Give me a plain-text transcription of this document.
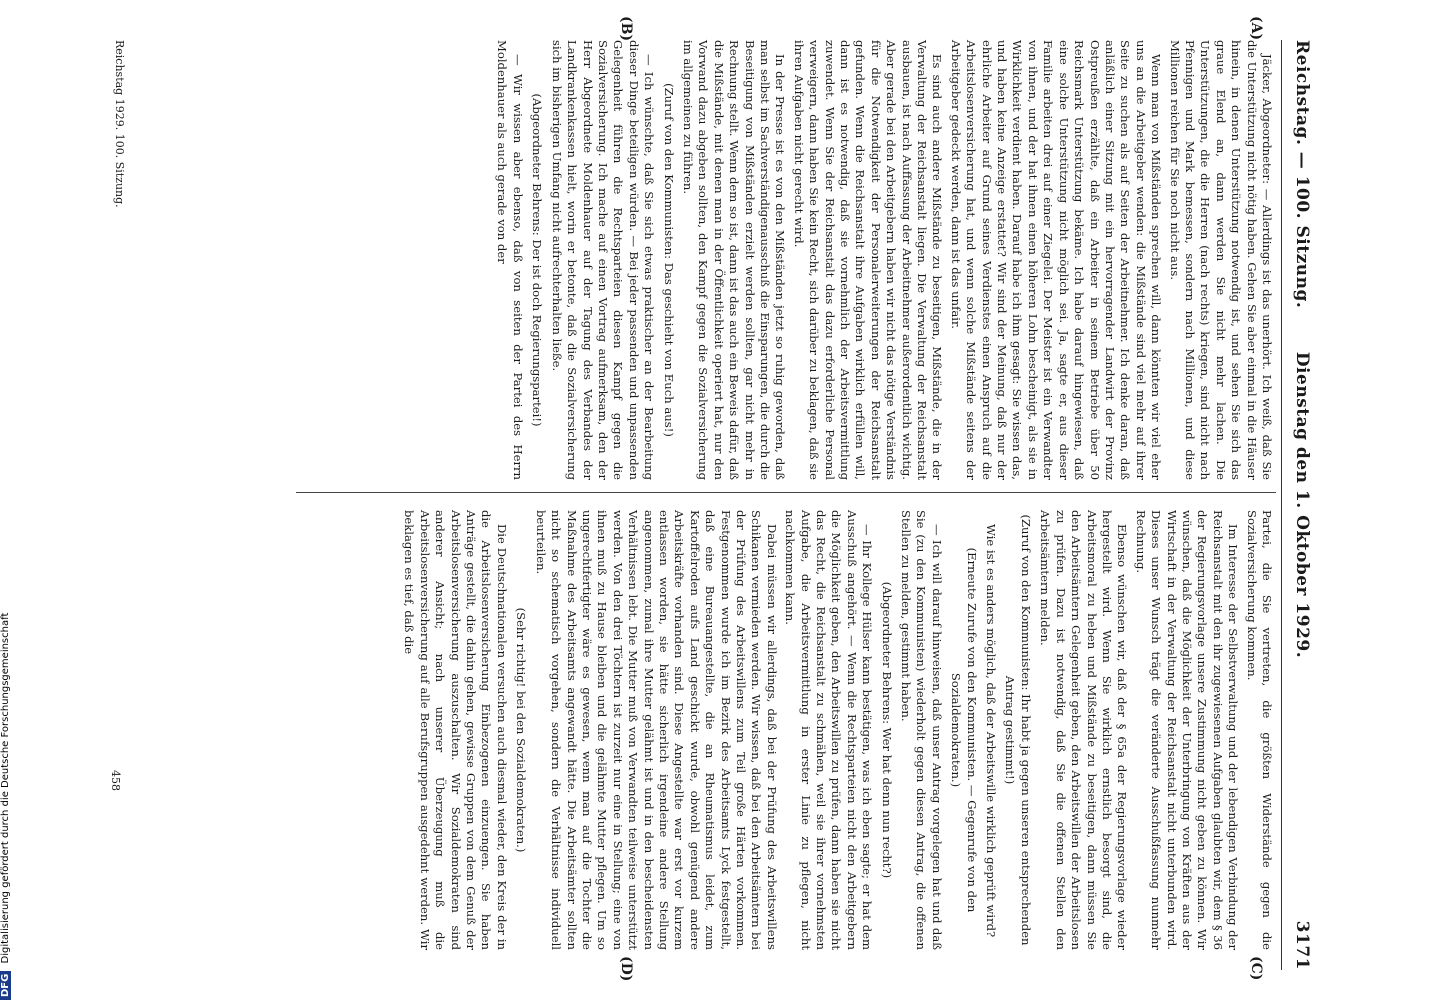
Reichstag. — 100. Sitzung.
Dienstag den 1. Oktober 1929.
3171
(A)
(B)
(C)
(D)

Jäcker, Abgeordneter: — Allerdings ist das unerhört. Ich weiß, daß Sie die Unterstützung nicht nötig haben. Gehen Sie aber einmal in die Häuser hinein, in denen Unterstützung notwendig ist, und sehen Sie sich das graue Elend an, dann werden Sie nicht mehr lachen. Die Unterstützungen, die die Herren (nach rechts) kriegen, sind nicht nach Pfennigen und Mark bemessen, sondern nach Millionen, und diese Millionen reichen für Sie noch nicht aus.

Wenn man von Mißständen sprechen will, dann könnten wir viel eher uns an die Arbeitgeber wenden: die Mißstände sind viel mehr auf ihrer Seite zu suchen als auf Seiten der Arbeitnehmer. Ich denke daran, daß anläßlich einer Sitzung mit ein hervorragender Landwirt der Provinz Ostpreußen erzählte, daß ein Arbeiter in seinem Betriebe über 50 Reichsmark Unterstützung bekäme. Ich habe darauf hingewiesen, daß eine solche Unterstützung nicht möglich sei. Ja, sagte er, aus dieser Familie arbeiten drei auf einer Ziegelei. Der Meister ist ein Verwandter von ihnen, und der hat ihnen einen höheren Lohn bescheinigt, als sie in Wirklichkeit verdient haben. Darauf habe ich ihm gesagt: Sie wissen das, und haben keine Anzeige erstattet? Wir sind der Meinung, daß nur der ehrliche Arbeiter auf Grund seines Verdienstes einen Anspruch auf die Arbeitslosenversicherung hat, und wenn solche Mißstände seitens der Arbeitgeber gedeckt werden, dann ist das unfair.

Es sind auch andere Mißstände zu beseitigen, Mißstände, die in der Verwaltung der Reichsanstalt liegen. Die Verwaltung der Reichsanstalt ausbauen, ist nach Auffassung der Arbeitnehmer außerordentlich wichtig. Aber gerade bei den Arbeitgebern haben wir nicht das nötige Verständnis für die Notwendigkeit der Personalerweiterungen der Reichsanstalt gefunden. Wenn die Reichsanstalt ihre Aufgaben wirklich erfüllen will, dann ist es notwendig, daß sie vornehmlich der Arbeitsvermittlung zuwendet. Wenn Sie der Reichsanstalt das dazu erforderliche Personal verweigern, dann haben Sie kein Recht, sich darüber zu beklagen, daß sie ihren Aufgaben nicht gerecht wird.

In der Presse ist es von den Mißständen jetzt so ruhig geworden, daß man selbst im Sachverständigenausschuß die Einsparungen, die durch die Beseitigung von Mißständen erzielt werden sollten, gar nicht mehr in Rechnung stellt. Wenn dem so ist, dann ist das auch ein Beweis dafür, daß die Mißstände, mit denen man in der Öffentlichkeit operiert hat, nur den Vorwand dazu abgeben sollten, den Kampf gegen die Sozialversicherung im allgemeinen zu führen.

(Zuruf von den Kommunisten: Das geschieht von Euch aus!)

— Ich wünschte, daß Sie sich etwas praktischer an der Bearbeitung dieser Dinge beteiligen würden. — Bei jeder passenden und unpassenden Gelegenheit führen die Rechtsparteien diesen Kampf gegen die Sozialversicherung. Ich mache auf einen Vortrag aufmerksam, den der Herr Abgeordnete Moldenhauer auf der Tagung des Verbandes der Landkrankenkassen hielt, worin er betonte, daß die Sozialversicherung sich im bisherigen Umfang nicht aufrechterhalten ließe.

(Abgeordneter Behrens: Der ist doch Regierungspartei!)

— Wir wissen aber ebenso, daß von seiten der Partei des Herrn Moldenhauer als auch gerade von der

Partei, die Sie vertreten, die größten Widerstände gegen die Sozialversicherung kommen.

Im Interesse der Selbstverwaltung und der lebendigen Verbindung der Reichsanstalt mit den ihr zugewiesenen Aufgaben glaubten wir, dem § 36 der Regierungsvorlage unsere Zustimmung nicht geben zu können. Wir wünschen, daß die Möglichkeit der Unterbringung von Kräften aus der Wirtschaft in der Verwaltung der Reichsanstalt nicht unterbunden wird. Dieses unser Wunsch trägt die veränderte Ausschußfassung nunmehr Rechnung.

Ebenso wünschen wir, daß der § 65a der Regierungsvorlage wieder hergestellt wird. Wenn Sie wirklich ernstlich besorgt sind, die Arbeitsmoral zu heben und Mißstände zu beseitigen, dann müssen Sie den Arbeitsämtern Gelegenheit geben, den Arbeitswillen der Arbeitslosen zu prüfen. Dazu ist notwendig, daß Sie die offenen Stellen den Arbeitsämtern melden.

(Zuruf von den Kommunisten: Ihr habt ja gegen unseren entsprechenden Antrag gestimmt!)

Wie ist es anders möglich, daß der Arbeitswille wirklich geprüft wird?

(Erneute Zurufe von den Kommunisten. — Gegenrufe von den Sozialdemokraten.)

— Ich will darauf hinweisen, daß unser Antrag vorgelegen hat und daß Sie (zu den Kommunisten) wiederholt gegen diesen Antrag, die offenen Stellen zu melden, gestimmt haben.

(Abgeordneter Behrens: Wer hat denn nun recht?)

— Ihr Kollege Hülser kann bestätigen, was ich eben sagte; er hat dem Ausschuß angehört. — Wenn die Rechtsparteien nicht den Arbeitgebern die Möglichkeit geben, den Arbeitswillen zu prüfen, dann haben sie nicht das Recht, die Reichsanstalt zu schmähen, weil sie ihrer vornehmsten Aufgabe, die Arbeitsvermittlung in erster Linie zu pflegen, nicht nachkommen kann.

Dabei müssen wir allerdings, daß bei der Prüfung des Arbeitswillens Schikanen vermieden werden. Wir wissen, daß bei den Arbeitsämtern bei der Prüfung des Arbeitswillens zum Teil große Härten vorkommen. Festgenommen wurde ich im Bezirk des Arbeitsamts Lyck festgestellt, daß eine Bureauangestellte, die an Rheumatismus leidet, zum Kartoffelroden aufs Land geschickt wurde, obwohl genügend andere Arbeitskräfte vorhanden sind. Diese Angestellte war erst vor kurzem entlassen worden, sie hätte sicherlich irgendeine andere Stellung angenommen, zumal ihre Mutter gelähmt ist und in den bescheidensten Verhältnissen lebt. Die Mutter muß von Verwandten teilweise unterstützt werden. Von den drei Töchtern ist zurzeit nur eine in Stellung; eine von ihnen muß zu Hause bleiben und die gelähmte Mutter pflegen. Um so ungerechtfertigter wäre es gewesen, wenn man auf die Tochter die Maßnahme des Arbeitsamts angewandt hätte. Die Arbeitsämter sollten nicht so schematisch vorgehen, sondern die Verhältnisse individuell beurteilen.

(Sehr richtig! bei den Sozialdemokraten.)

Die Deutschnationalen versuchen auch diesmal wieder, den Kreis der in die Arbeitslosenversicherung Einbezogenen einzuengen. Sie haben Anträge gestellt, die dahin gehen, gewisse Gruppen von dem Genuß der Arbeitslosenversicherung auszuschalten. Wir Sozialdemokraten sind anderer Ansicht; nach unserer Überzeugung muß die Arbeitslosenversicherung auf alle Berufsgruppen ausgedehnt werden. Wir beklagen es tief, daß die

Reichstag 1929. 100. Sitzung.
458
DFG Digitalisierung gefördert durch die Deutsche Forschungsgemeinschaft
